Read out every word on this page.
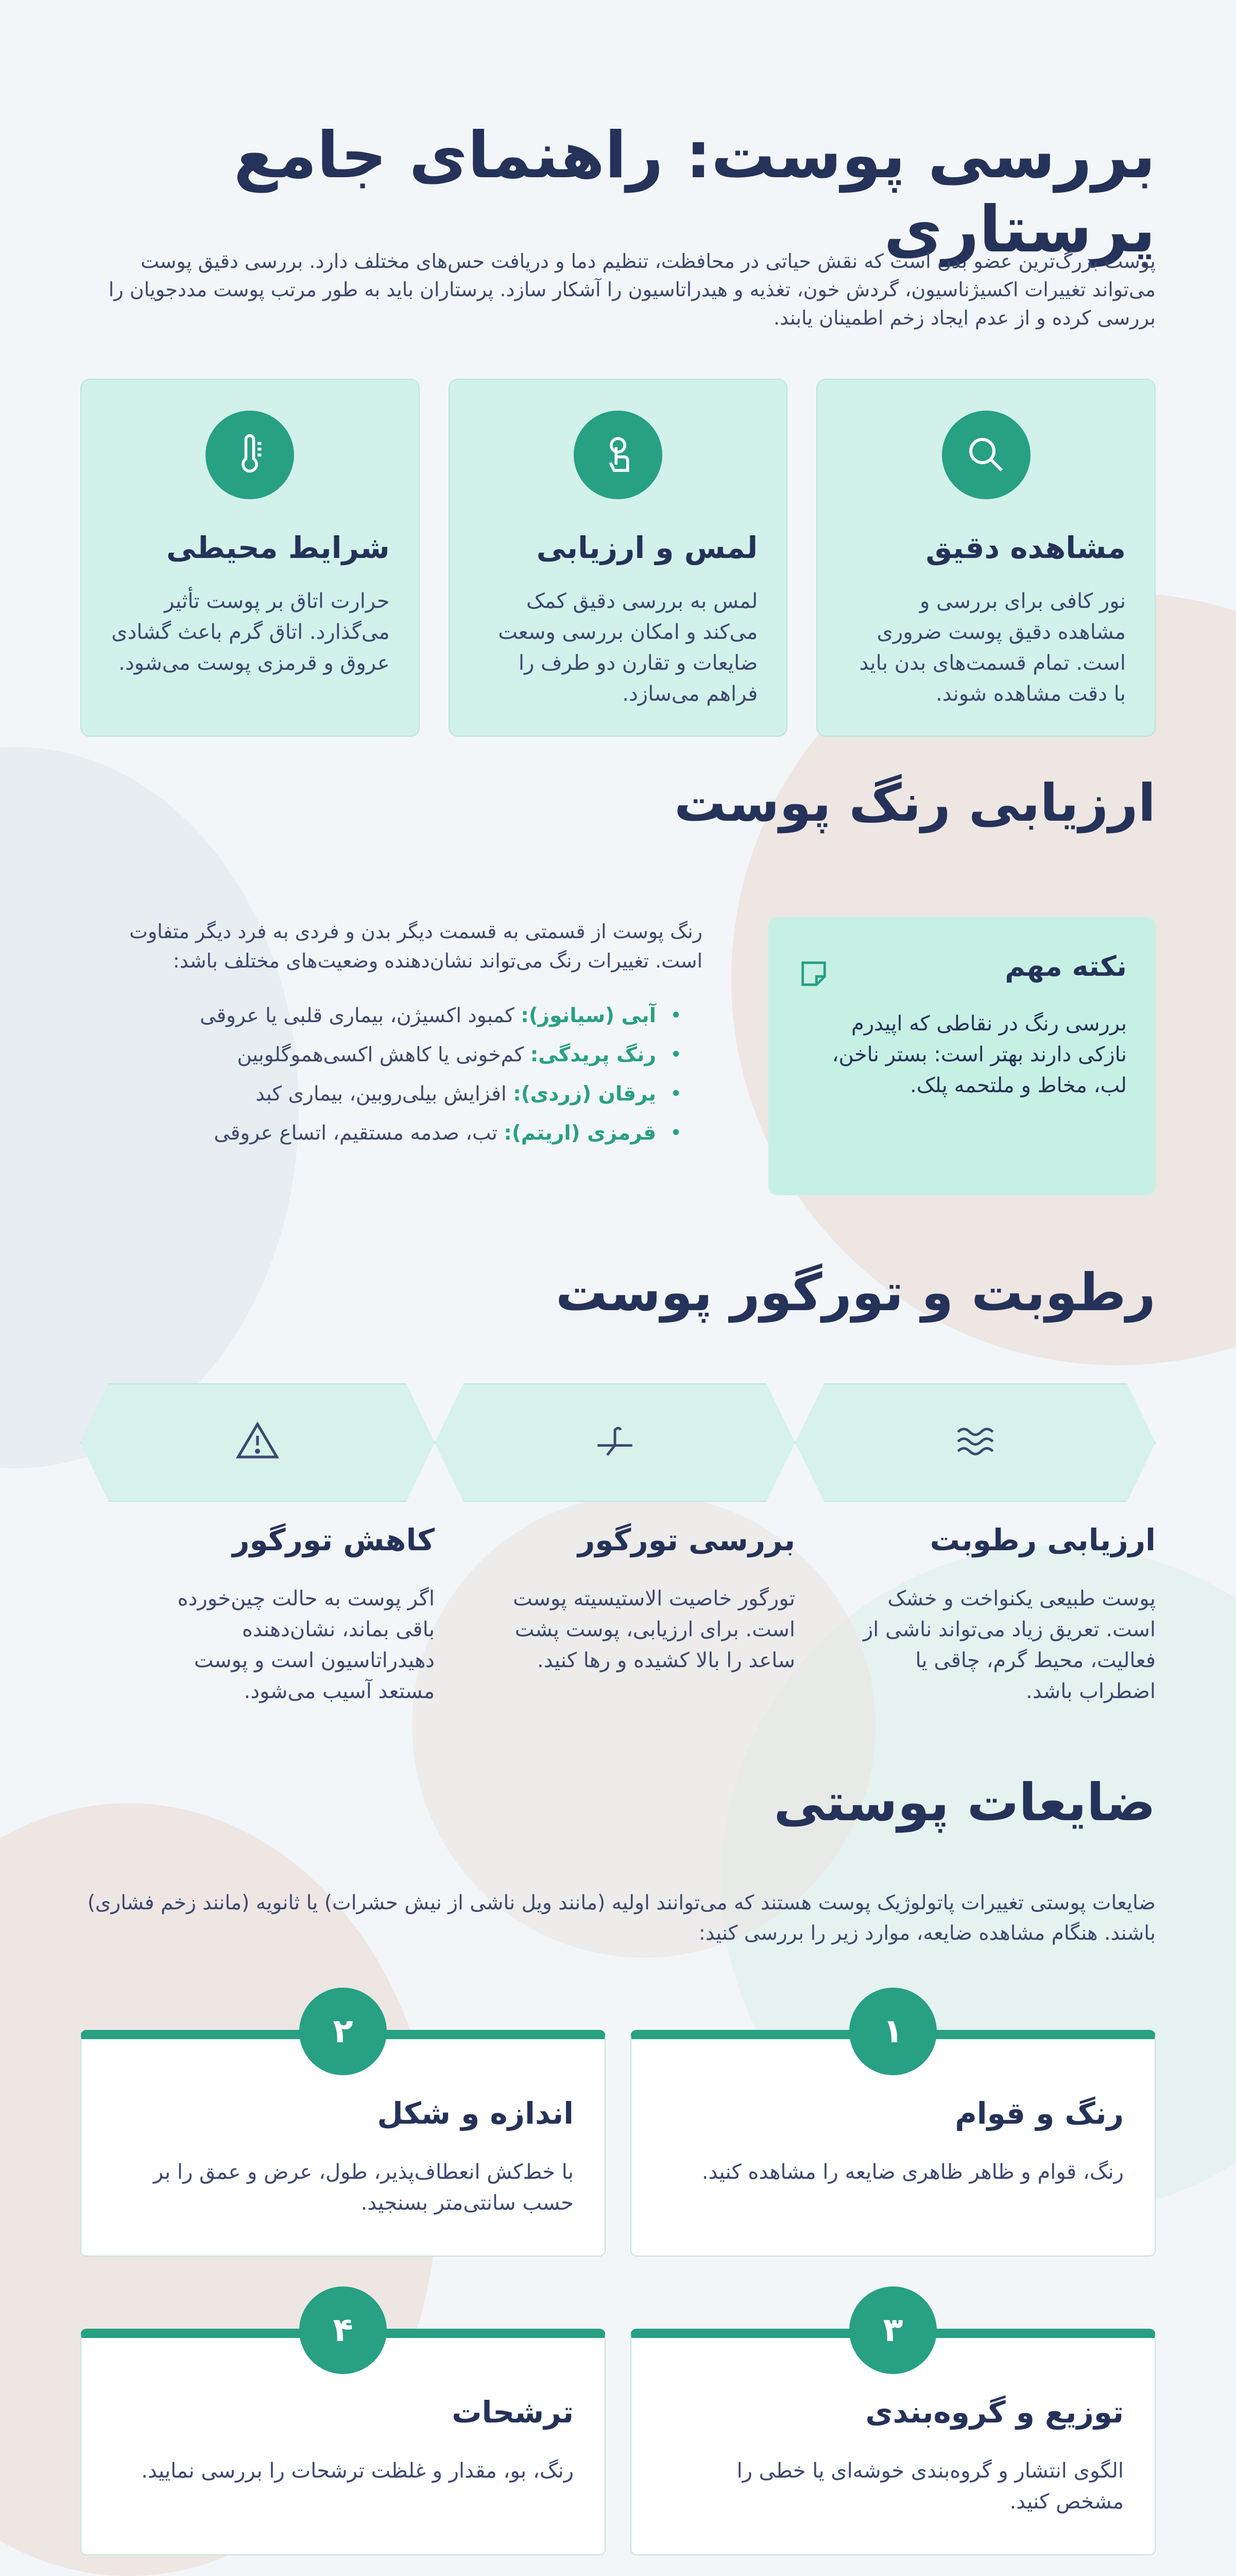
بررسی پوست: راهنمای جامع پرستاری

پوست بزرگ‌ترین عضو بدن است که نقش حیاتی در محافظت، تنظیم دما و دریافت حس‌های مختلف دارد. بررسی دقیق پوست می‌تواند تغییرات اکسیژناسیون، گردش خون، تغذیه و هیدراتاسیون را آشکار سازد. پرستاران باید به طور مرتب پوست مددجویان را بررسی کرده و از عدم ایجاد زخم اطمینان یابند.

مشاهده دقیق

نور کافی برای بررسی و مشاهده دقیق پوست ضروری است. تمام قسمت‌های بدن باید با دقت مشاهده شوند.

لمس و ارزیابی

لمس به بررسی دقیق کمک می‌کند و امکان بررسی وسعت ضایعات و تقارن دو طرف را فراهم می‌سازد.

شرایط محیطی

حرارت اتاق بر پوست تأثیر می‌گذارد. اتاق گرم باعث گشادی عروق و قرمزی پوست می‌شود.

ارزیابی رنگ پوست
نکته مهم

بررسی رنگ در نقاطی که اپیدرم نازکی دارند بهتر است: بستر ناخن، لب، مخاط و ملتحمه پلک.

رنگ پوست از قسمتی به قسمت دیگر بدن و فردی به فرد دیگر متفاوت است. تغییرات رنگ می‌تواند نشان‌دهنده وضعیت‌های مختلف باشد:

• آبی (سیانوز): کمبود اکسیژن، بیماری قلبی یا عروقی
• رنگ پریدگی: کم‌خونی یا کاهش اکسی‌هموگلوبین
• یرقان (زردی): افزایش بیلی‌روبین، بیماری کبد
• قرمزی (اریتم): تب، صدمه مستقیم، اتساع عروقی
رطوبت و تورگور پوست
ارزیابی رطوبت

پوست طبیعی یکنواخت و خشک است. تعریق زیاد می‌تواند ناشی از فعالیت، محیط گرم، چاقی یا اضطراب باشد.

بررسی تورگور

تورگور خاصیت الاستیسیته پوست است. برای ارزیابی، پوست پشت ساعد را بالا کشیده و رها کنید.

کاهش تورگور

اگر پوست به حالت چین‌خورده باقی بماند، نشان‌دهنده دهیدراتاسیون است و پوست مستعد آسیب می‌شود.

ضایعات پوستی

ضایعات پوستی تغییرات پاتولوژیک پوست هستند که می‌توانند اولیه (مانند ویل ناشی از نیش حشرات) یا ثانویه (مانند زخم فشاری) باشند. هنگام مشاهده ضایعه، موارد زیر را بررسی کنید:

۱
رنگ و قوام

رنگ، قوام و ظاهر ظاهری ضایعه را مشاهده کنید.

۲
اندازه و شکل

با خط‌کش انعطاف‌پذیر، طول، عرض و عمق را بر حسب سانتی‌متر بسنجید.

۳
توزیع و گروه‌بندی

الگوی انتشار و گروه‌بندی خوشه‌ای یا خطی را مشخص کنید.

۴
ترشحات

رنگ، بو، مقدار و غلظت ترشحات را بررسی نمایید.
